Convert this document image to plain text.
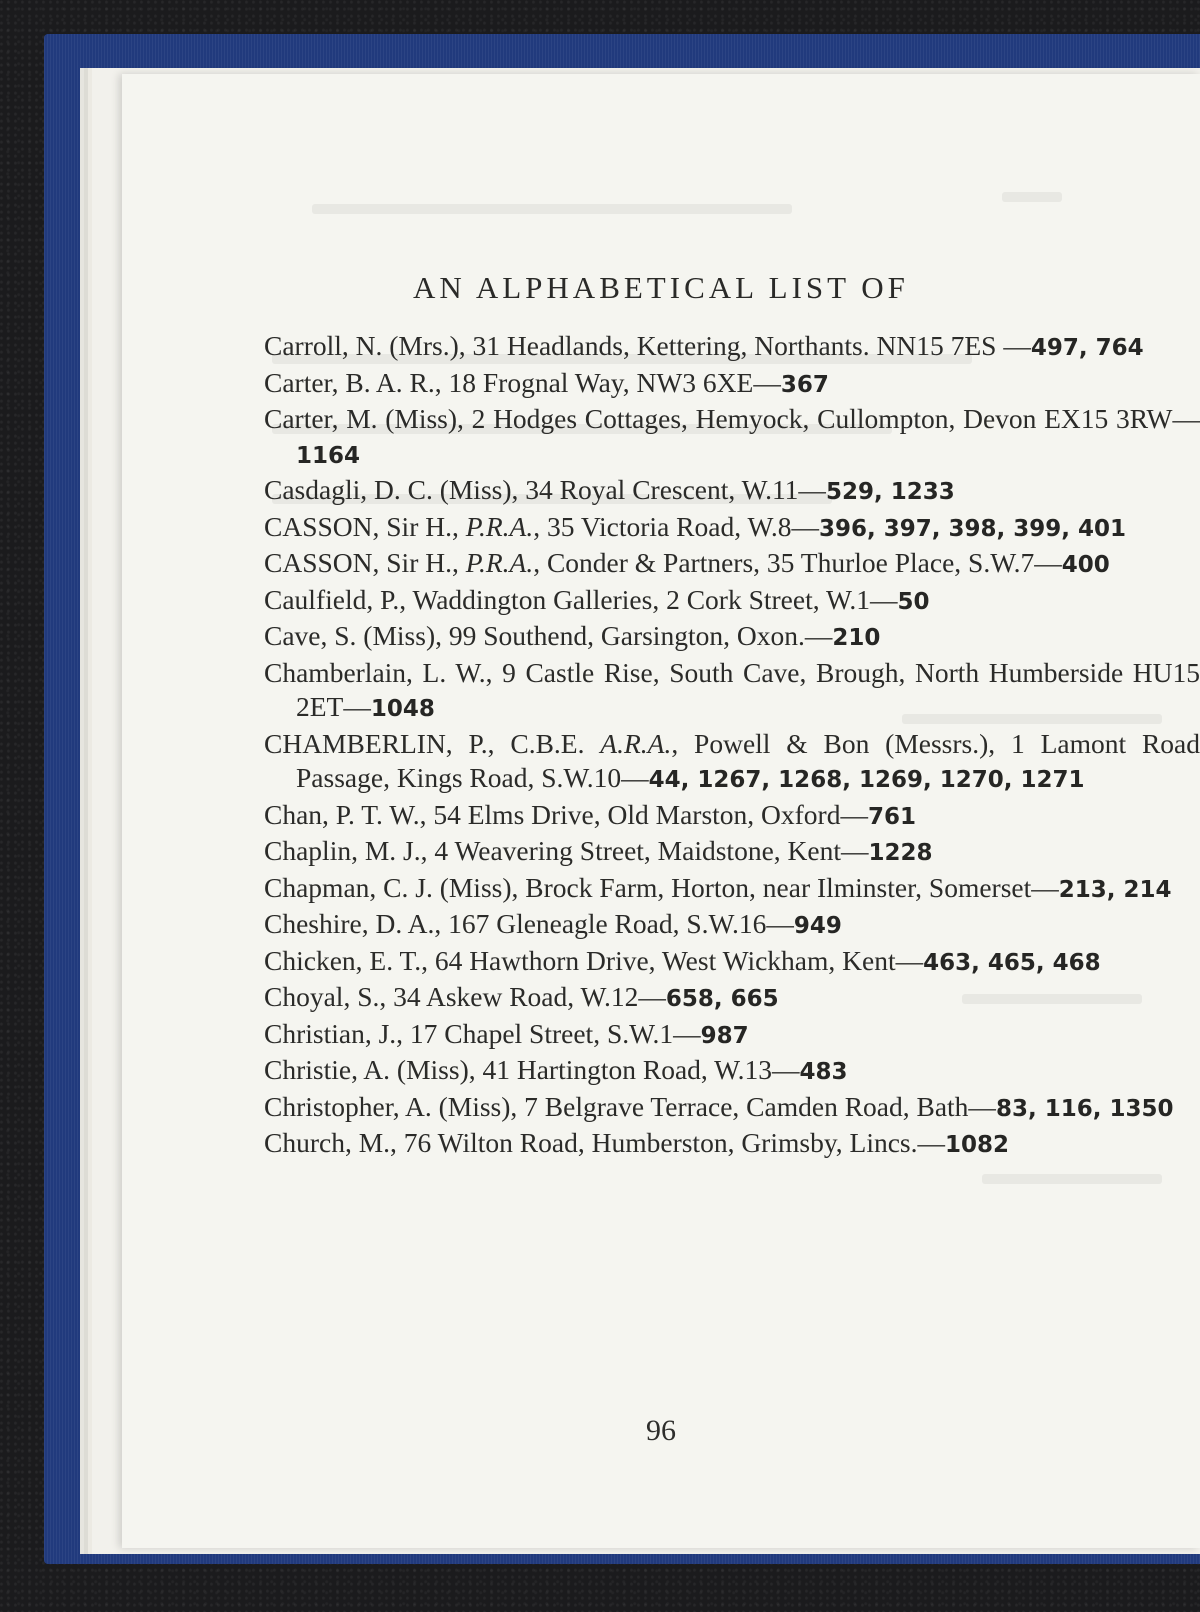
AN ALPHABETICAL LIST OF
Carroll, N. (Mrs.), 31 Headlands, Kettering, Northants. NN15 7ES —497, 764
Carter, B. A. R., 18 Frognal Way, NW3 6XE—367
Carter, M. (Miss), 2 Hodges Cottages, Hemyock, Cullompton, Devon EX15 3RW—1164
Casdagli, D. C. (Miss), 34 Royal Crescent, W.11—529, 1233
CASSON, Sir H., P.R.A., 35 Victoria Road, W.8—396, 397, 398, 399, 401
CASSON, Sir H., P.R.A., Conder & Partners, 35 Thurloe Place, S.W.7—400
Caulfield, P., Waddington Galleries, 2 Cork Street, W.1—50
Cave, S. (Miss), 99 Southend, Garsington, Oxon.—210
Chamberlain, L. W., 9 Castle Rise, South Cave, Brough, North Humberside HU15 2ET—1048
CHAMBERLIN, P., C.B.E. A.R.A., Powell & Bon (Messrs.), 1 Lamont Road Passage, Kings Road, S.W.10—44, 1267, 1268, 1269, 1270, 1271
Chan, P. T. W., 54 Elms Drive, Old Marston, Oxford—761
Chaplin, M. J., 4 Weavering Street, Maidstone, Kent—1228
Chapman, C. J. (Miss), Brock Farm, Horton, near Ilminster, Somerset—213, 214
Cheshire, D. A., 167 Gleneagle Road, S.W.16—949
Chicken, E. T., 64 Hawthorn Drive, West Wickham, Kent—463, 465, 468
Choyal, S., 34 Askew Road, W.12—658, 665
Christian, J., 17 Chapel Street, S.W.1—987
Christie, A. (Miss), 41 Hartington Road, W.13—483
Christopher, A. (Miss), 7 Belgrave Terrace, Camden Road, Bath—83, 116, 1350
Church, M., 76 Wilton Road, Humberston, Grimsby, Lincs.—1082
96
